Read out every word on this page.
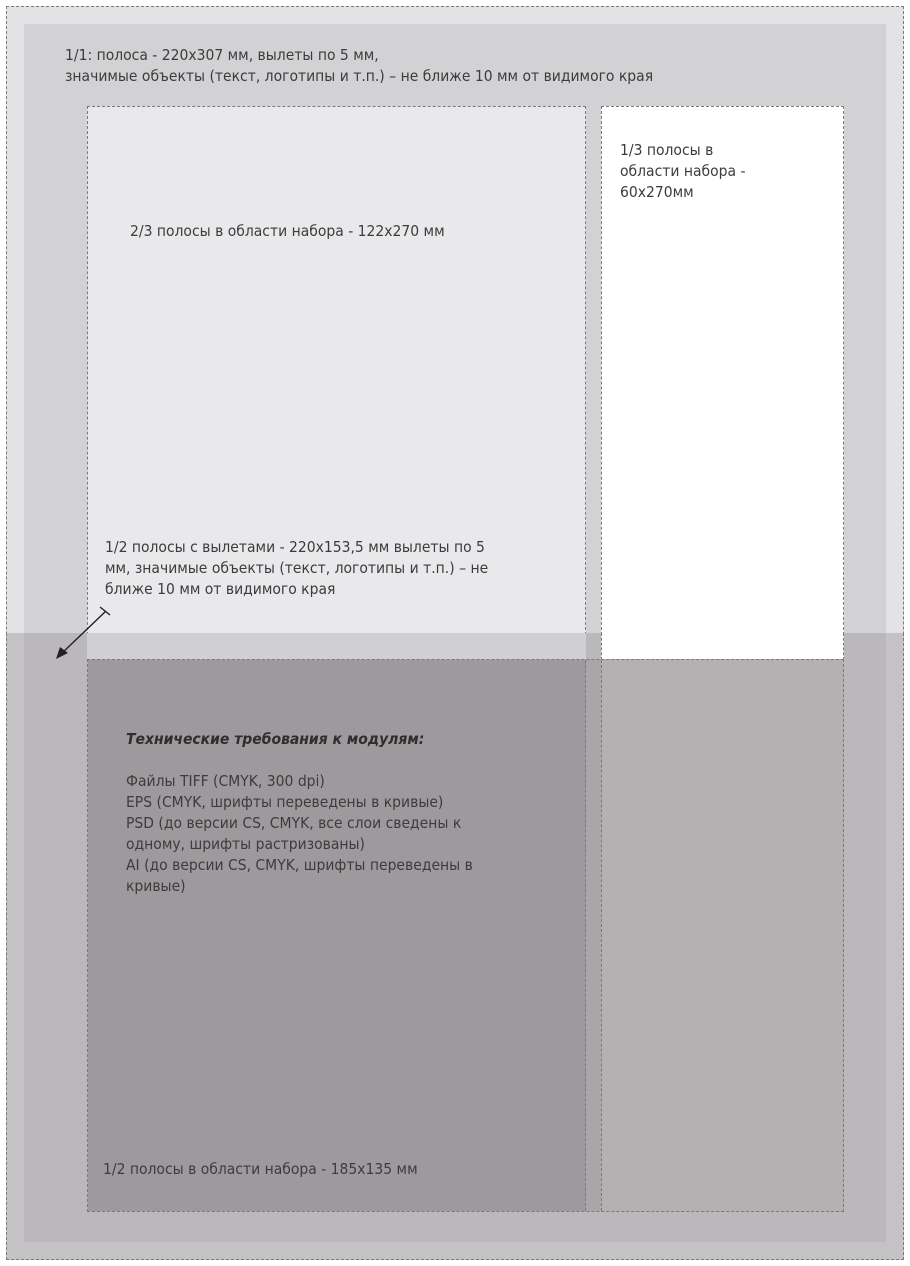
1/1: полоса - 220x307 мм, вылеты по 5 мм,
значимые объекты (текст, логотипы и т.п.) – не ближе 10 мм от видимого края
2/3 полосы в области набора - 122x270 мм
1/3 полосы в
области набора -
60x270мм
1/2 полосы с вылетами - 220x153,5 мм вылеты по 5
мм, значимые объекты (текст, логотипы и т.п.) – не
ближе 10 мм от видимого края
Технические требования к модулям:
Файлы TIFF (CMYK, 300 dpi)
EPS (CMYK, шрифты переведены в кривые)
PSD (до версии CS, CMYK, все слои сведены к
одному, шрифты растризованы)
AI (до версии CS, CMYK, шрифты переведены в
кривые)
1/2 полосы в области набора - 185x135 мм
